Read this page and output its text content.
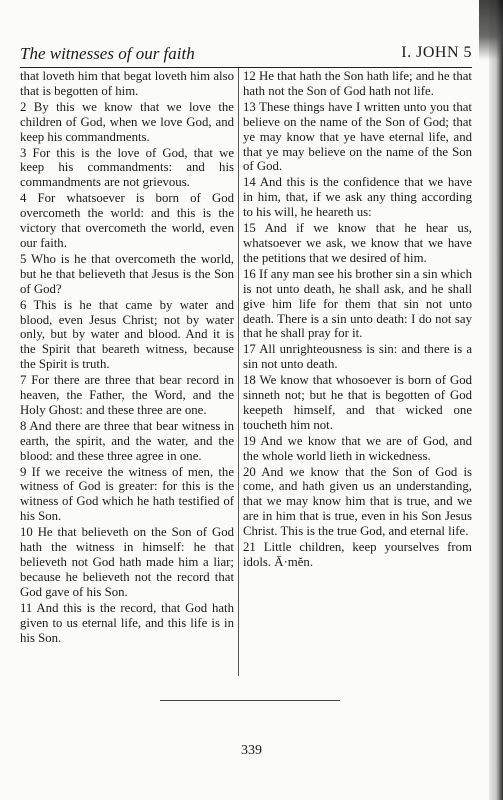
The witnesses of our faith	I. JOHN 5

that loveth him that begat loveth him also that is begotten of him.

2 By this we know that we love the children of God, when we love God, and keep his commandments.

3 For this is the love of God, that we keep his commandments: and his commandments are not grievous.

4 For whatsoever is born of God overcometh the world: and this is the victory that overcometh the world, even our faith.

5 Who is he that overcometh the world, but he that believeth that Jesus is the Son of God?

6 This is he that came by water and blood, even Jesus Christ; not by water only, but by water and blood. And it is the Spirit that beareth witness, because the Spirit is truth.

7 For there are three that bear record in heaven, the Father, the Word, and the Holy Ghost: and these three are one.

8 And there are three that bear witness in earth, the spirit, and the water, and the blood: and these three agree in one.

9 If we receive the witness of men, the witness of God is greater: for this is the witness of God which he hath testified of his Son.

10 He that believeth on the Son of God hath the witness in himself: he that believeth not God hath made him a liar; because he believeth not the record that God gave of his Son.

11 And this is the record, that God hath given to us eternal life, and this life is in his Son.

12 He that hath the Son hath life; and he that hath not the Son of God hath not life.

13 These things have I written unto you that believe on the name of the Son of God; that ye may know that ye have eternal life, and that ye may believe on the name of the Son of God.

14 And this is the confidence that we have in him, that, if we ask any thing according to his will, he heareth us:

15 And if we know that he hear us, whatsoever we ask, we know that we have the petitions that we desired of him.

16 If any man see his brother sin a sin which is not unto death, he shall ask, and he shall give him life for them that sin not unto death. There is a sin unto death: I do not say that he shall pray for it.

17 All unrighteousness is sin: and there is a sin not unto death.

18 We know that whosoever is born of God sinneth not; but he that is begotten of God keepeth himself, and that wicked one toucheth him not.

19 And we know that we are of God, and the whole world lieth in wickedness.

20 And we know that the Son of God is come, and hath given us an understanding, that we may know him that is true, and we are in him that is true, even in his Son Jesus Christ. This is the true God, and eternal life.

21 Little children, keep yourselves from idols. Ā·mĕn.

339
